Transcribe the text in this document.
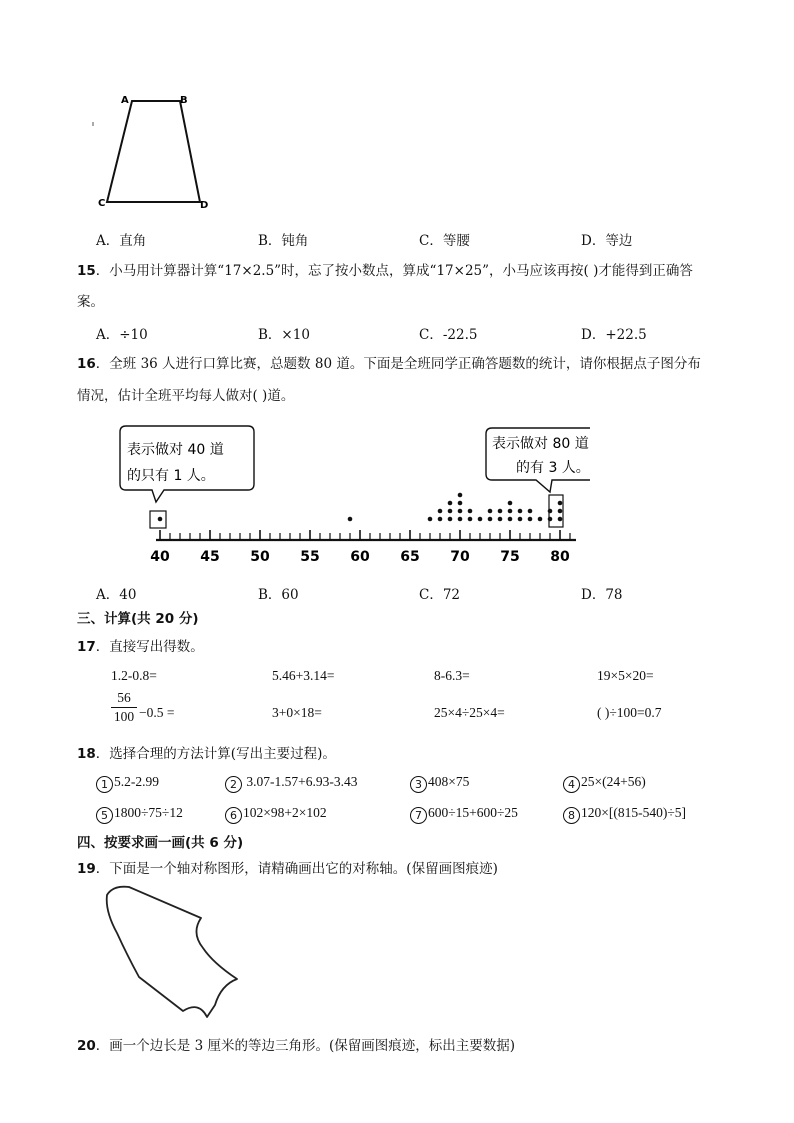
A	B
C	D
A．直角	B．钝角	C．等腰	D．等边
15．小马用计算器计算“17×2.5”时，忘了按小数点，算成“17×25”，小马应该再按( )才能得到正确答
案。
A．÷10	B．×10	C．-22.5	D．+22.5
16．全班 36 人进行口算比赛，总题数 80 道。下面是全班同学正确答题数的统计，请你根据点子图分布
情况，估计全班平均每人做对( )道。
表示做对 40 道
的只有 1 人。
表示做对 80 道
的有 3 人。
40 45 50 55 60 65 70 75 80
A．40	B．60	C．72	D．78
三、计算(共 20 分)
17．直接写出得数。
1.2-0.8=	5.46+3.14=	8-6.3=	19×5×20=
56
100 −0.5 =	3+0×18=	25×4÷25×4=	( )÷100=0.7
18．选择合理的方法计算(写出主要过程)。
1 5.2-2.99	2 3.07-1.57+6.93-3.43	3 408×75	4 25×(24+56)
5 1800÷75÷12	6 102×98+2×102	7 600÷15+600÷25	8 120×[(815-540)÷5]
四、按要求画一画(共 6 分)
19．下面是一个轴对称图形，请精确画出它的对称轴。(保留画图痕迹)
20．画一个边长是 3 厘米的等边三角形。(保留画图痕迹，标出主要数据)
